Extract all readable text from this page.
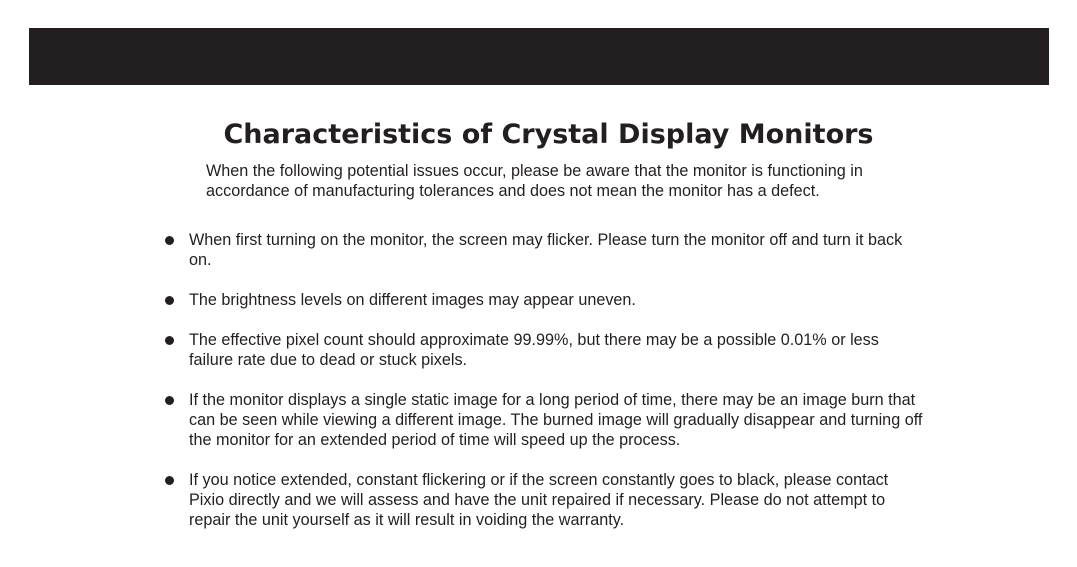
Characteristics of Crystal Display Monitors

When the following potential issues occur, please be aware that the monitor is functioning in accordance of manufacturing tolerances and does not mean the monitor has a defect.

When first turning on the monitor, the screen may flicker. Please turn the monitor off and turn it back on.
The brightness levels on different images may appear uneven.
The effective pixel count should approximate 99.99%, but there may be a possible 0.01% or less failure rate due to dead or stuck pixels.
If the monitor displays a single static image for a long period of time, there may be an image burn that can be seen while viewing a different image. The burned image will gradually disappear and turning off the monitor for an extended period of time will speed up the process.
If you notice extended, constant flickering or if the screen constantly goes to black, please contact Pixio directly and we will assess and have the unit repaired if necessary. Please do not attempt to repair the unit yourself as it will result in voiding the warranty.
